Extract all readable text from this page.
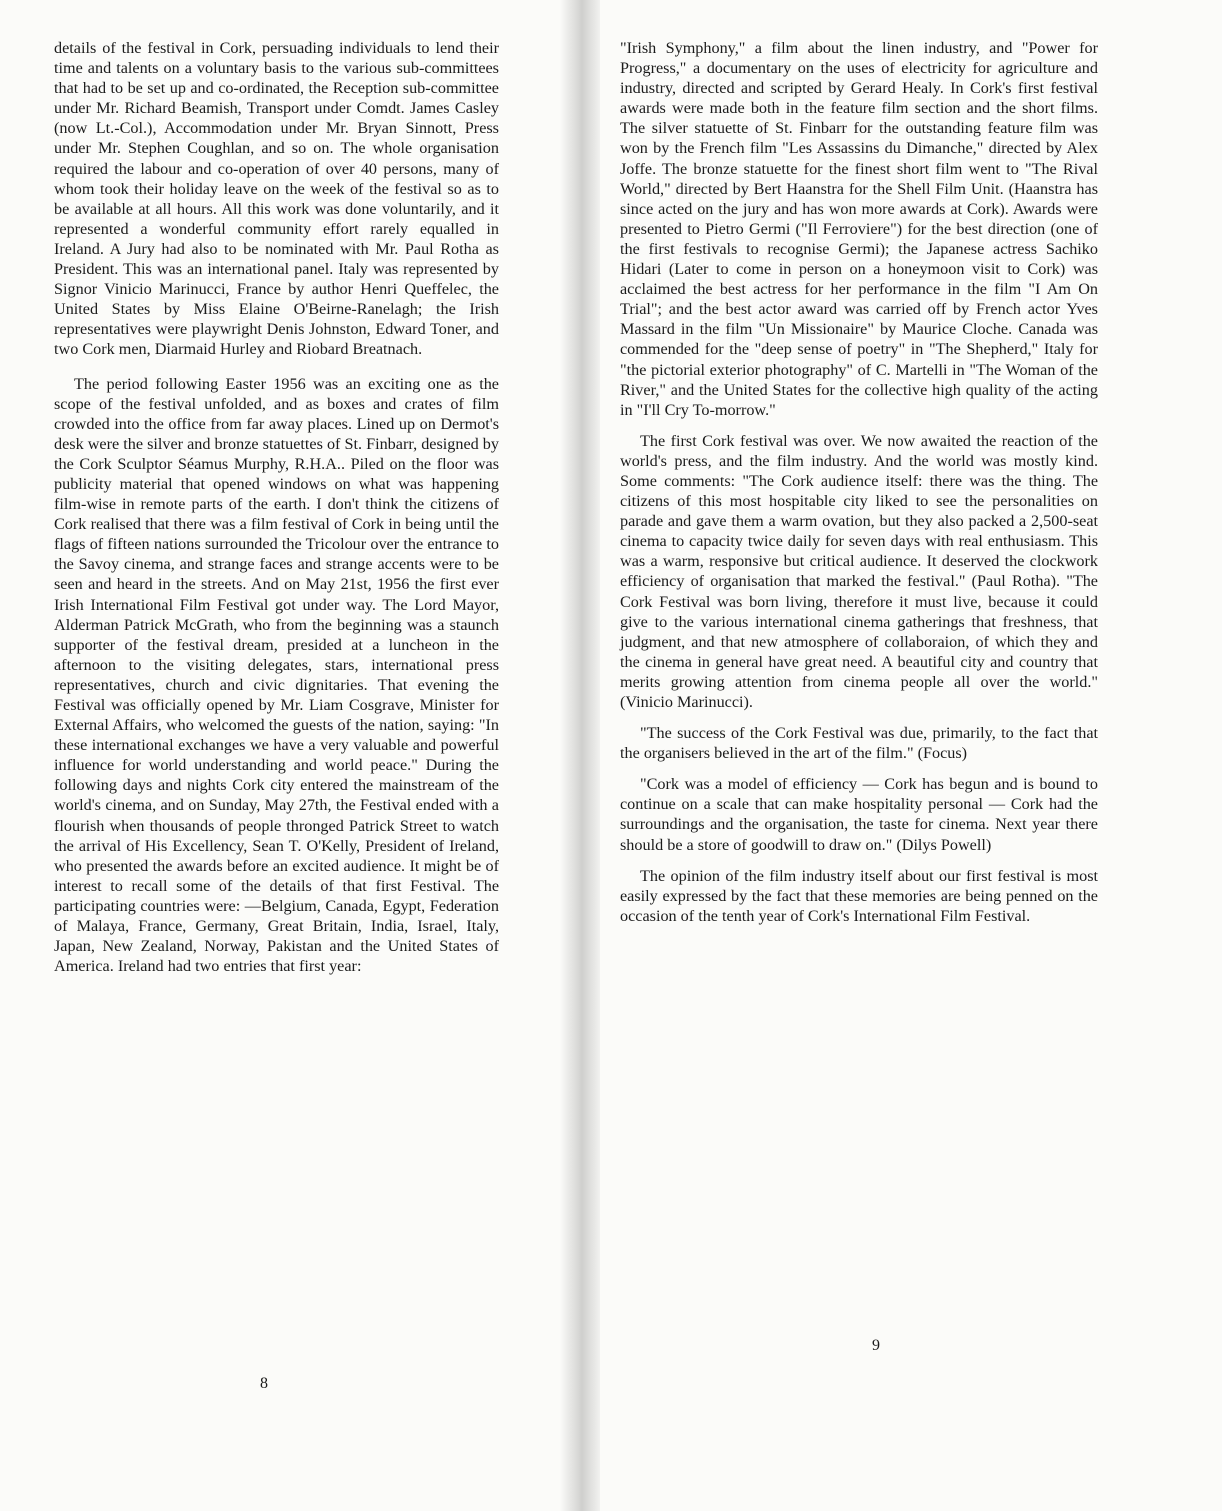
details of the festival in Cork, persuading individuals to lend their time and talents on a voluntary basis to the various sub-committees that had to be set up and co-ordinated, the Reception sub-committee under Mr. Richard Beamish, Transport under Comdt. James Casley (now Lt.-Col.), Accommodation under Mr. Bryan Sinnott, Press under Mr. Stephen Coughlan, and so on. The whole organisation required the labour and co-operation of over 40 persons, many of whom took their holiday leave on the week of the festival so as to be available at all hours. All this work was done voluntarily, and it represented a wonderful community effort rarely equalled in Ireland. A Jury had also to be nominated with Mr. Paul Rotha as President. This was an international panel. Italy was represented by Signor Vinicio Marinucci, France by author Henri Queffelec, the United States by Miss Elaine O'Beirne-Ranelagh; the Irish representatives were playwright Denis Johnston, Edward Toner, and two Cork men, Diarmaid Hurley and Riobard Breatnach.

The period following Easter 1956 was an exciting one as the scope of the festival unfolded, and as boxes and crates of film crowded into the office from far away places. Lined up on Dermot's desk were the silver and bronze statuettes of St. Finbarr, designed by the Cork Sculptor Séamus Murphy, R.H.A.. Piled on the floor was publicity material that opened windows on what was happening film-wise in remote parts of the earth. I don't think the citizens of Cork realised that there was a film festival of Cork in being until the flags of fifteen nations surrounded the Tricolour over the entrance to the Savoy cinema, and strange faces and strange accents were to be seen and heard in the streets. And on May 21st, 1956 the first ever Irish International Film Festival got under way. The Lord Mayor, Alderman Patrick McGrath, who from the beginning was a staunch supporter of the festival dream, presided at a luncheon in the afternoon to the visiting delegates, stars, international press representatives, church and civic dignitaries. That evening the Festival was officially opened by Mr. Liam Cosgrave, Minister for External Affairs, who welcomed the guests of the nation, saying: "In these international exchanges we have a very valuable and powerful influence for world understanding and world peace." During the following days and nights Cork city entered the mainstream of the world's cinema, and on Sunday, May 27th, the Festival ended with a flourish when thousands of people thronged Patrick Street to watch the arrival of His Excellency, Sean T. O'Kelly, President of Ireland, who presented the awards before an excited audience. It might be of interest to recall some of the details of that first Festival. The participating countries were: —Belgium, Canada, Egypt, Federation of Malaya, France, Germany, Great Britain, India, Israel, Italy, Japan, New Zealand, Norway, Pakistan and the United States of America. Ireland had two entries that first year:

8

"Irish Symphony," a film about the linen industry, and "Power for Progress," a documentary on the uses of electricity for agriculture and industry, directed and scripted by Gerard Healy. In Cork's first festival awards were made both in the feature film section and the short films. The silver statuette of St. Finbarr for the outstanding feature film was won by the French film "Les Assassins du Dimanche," directed by Alex Joffe. The bronze statuette for the finest short film went to "The Rival World," directed by Bert Haanstra for the Shell Film Unit. (Haanstra has since acted on the jury and has won more awards at Cork). Awards were presented to Pietro Germi ("Il Ferroviere") for the best direction (one of the first festivals to recognise Germi); the Japanese actress Sachiko Hidari (Later to come in person on a honeymoon visit to Cork) was acclaimed the best actress for her performance in the film "I Am On Trial"; and the best actor award was carried off by French actor Yves Massard in the film "Un Missionaire" by Maurice Cloche. Canada was commended for the "deep sense of poetry" in "The Shepherd," Italy for "the pictorial exterior photography" of C. Martelli in "The Woman of the River," and the United States for the collective high quality of the acting in "I'll Cry To-morrow."

The first Cork festival was over. We now awaited the reaction of the world's press, and the film industry. And the world was mostly kind. Some comments: "The Cork audience itself: there was the thing. The citizens of this most hospitable city liked to see the personalities on parade and gave them a warm ovation, but they also packed a 2,500-seat cinema to capacity twice daily for seven days with real enthusiasm. This was a warm, responsive but critical audience. It deserved the clockwork efficiency of organisation that marked the festival." (Paul Rotha). "The Cork Festival was born living, therefore it must live, because it could give to the various international cinema gatherings that freshness, that judgment, and that new atmosphere of collaboraion, of which they and the cinema in general have great need. A beautiful city and country that merits growing attention from cinema people all over the world." (Vinicio Marinucci).

"The success of the Cork Festival was due, primarily, to the fact that the organisers believed in the art of the film." (Focus)

"Cork was a model of efficiency — Cork has begun and is bound to continue on a scale that can make hospitality personal — Cork had the surroundings and the organisation, the taste for cinema. Next year there should be a store of goodwill to draw on." (Dilys Powell)

The opinion of the film industry itself about our first festival is most easily expressed by the fact that these memories are being penned on the occasion of the tenth year of Cork's International Film Festival.

9
